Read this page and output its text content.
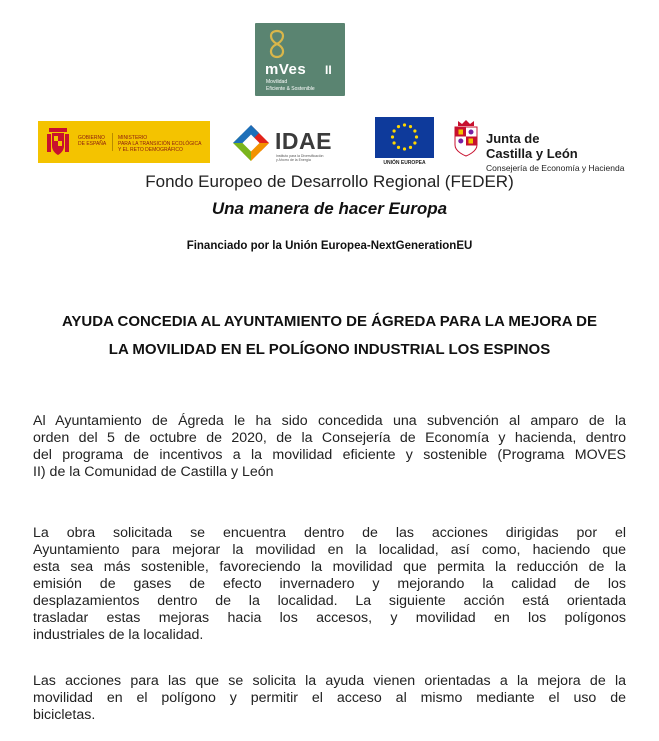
mVes II
Movilidad
Eficiente & Sostenible
GOBIERNO
DE ESPAÑA
MINISTERIO
PARA LA TRANSICIÓN ECOLÓGICA
Y EL RETO DEMOGRÁFICO	IDAE
Instituto para la Diversificación
y Ahorro de la Energía	UNIÓN EUROPEA
Junta de
Castilla y León
Consejería de Economía y Hacienda
Fondo Europeo de Desarrollo Regional (FEDER)
Una manera de hacer Europa
Financiado por la Unión Europea-NextGenerationEU
AYUDA CONCEDIA AL AYUNTAMIENTO DE ÁGREDA PARA LA MEJORA DE
LA MOVILIDAD EN EL POLÍGONO INDUSTRIAL LOS ESPINOS
Al Ayuntamiento de Ágreda le ha sido concedida una subvención al amparo de la
orden del 5 de octubre de 2020, de la Consejería de Economía y hacienda, dentro
del programa de incentivos a la movilidad eficiente y sostenible (Programa MOVES
II) de la Comunidad de Castilla y León
La obra solicitada se encuentra dentro de las acciones dirigidas por el
Ayuntamiento para mejorar la movilidad en la localidad, así como, haciendo que
esta sea más sostenible, favoreciendo la movilidad que permita la reducción de la
emisión de gases de efecto invernadero y mejorando la calidad de los
desplazamientos dentro de la localidad. La siguiente acción está orientada
trasladar estas mejoras hacia los accesos, y movilidad en los polígonos
industriales de la localidad.
Las acciones para las que se solicita la ayuda vienen orientadas a la mejora de la
movilidad en el polígono y permitir el acceso al mismo mediante el uso de
bicicletas.
